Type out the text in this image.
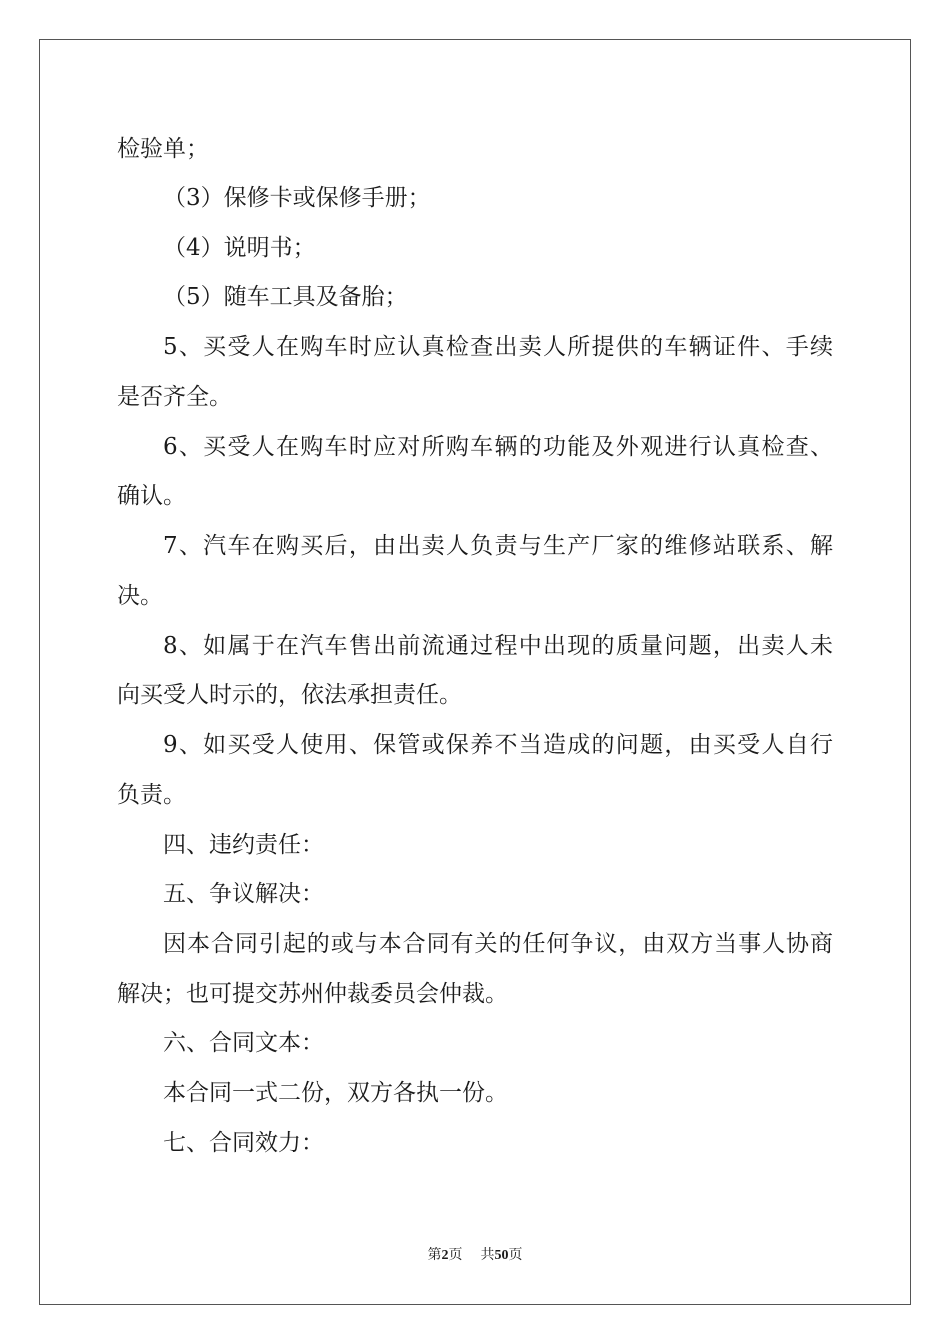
检验单；
（3）保修卡或保修手册；
（4）说明书；
（5）随车工具及备胎；
5、买受人在购车时应认真检查出卖人所提供的车辆证件、手续
是否齐全。
6、买受人在购车时应对所购车辆的功能及外观进行认真检查、
确认。
7、汽车在购买后，由出卖人负责与生产厂家的维修站联系、解
决。
8、如属于在汽车售出前流通过程中出现的质量问题，出卖人未
向买受人时示的，依法承担责任。
9、如买受人使用、保管或保养不当造成的问题，由买受人自行
负责。
四、违约责任：
五、争议解决：
因本合同引起的或与本合同有关的任何争议，由双方当事人协商
解决；也可提交苏州仲裁委员会仲裁。
六、合同文本：
本合同一式二份，双方各执一份。
七、合同效力：
第2页 共50页
